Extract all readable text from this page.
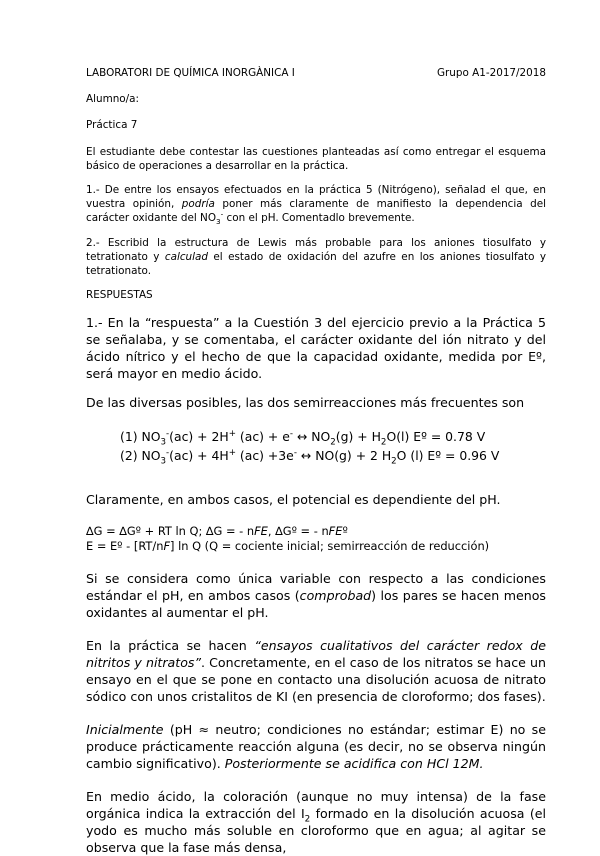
LABORATORI DE QUÍMICA INORGÀNICA I	Grupo A1-2017/2018

Alumno/a:

Práctica 7

El estudiante debe contestar las cuestiones planteadas así como entregar el esquema básico de operaciones a desarrollar en la práctica.

1.- De entre los ensayos efectuados en la práctica 5 (Nitrógeno), señalad el que, en vuestra opinión, podría poner más claramente de manifiesto la dependencia del carácter oxidante del $NO_3^-$ con el pH. Comentadlo brevemente.

2.- Escribid la estructura de Lewis más probable para los aniones tiosulfato y tetrationato y calculad el estado de oxidación del azufre en los aniones tiosulfato y tetrationato.

RESPUESTAS

1.- En la “respuesta” a la Cuestión 3 del ejercicio previo a la Práctica 5 se señalaba, y se comentaba, el carácter oxidante del ión nitrato y del ácido nítrico y el hecho de que la capacidad oxidante, medida por Eº, será mayor en medio ácido.

De las diversas posibles, las dos semirreacciones más frecuentes son

(1) $NO_3^-(ac) + 2H^+$ (ac) + e- ↔ $NO_2(g) + H_2O(l)$ Eº = 0.78 V

(2) $NO_3^-(ac) + 4H^+$ (ac) +3e- ↔ NO(g) + 2 $H_2O$ (l) Eº = 0.96 V

Claramente, en ambos casos, el potencial es dependiente del pH.

∆G = ∆Gº + RT ln Q; ∆G = - nFE, ∆Gº = - nFEº

E = Eº - [RT/nF] ln Q (Q = cociente inicial; semirreacción de reducción)

Si se considera como única variable con respecto a las condiciones estándar el pH, en ambos casos (comprobad) los pares se hacen menos oxidantes al aumentar el pH.

En la práctica se hacen “ensayos cualitativos del carácter redox de nitritos y nitratos”. Concretamente, en el caso de los nitratos se hace un ensayo en el que se pone en contacto una disolución acuosa de nitrato sódico con unos cristalitos de KI (en presencia de cloroformo; dos fases).

Inicialmente (pH ≈ neutro; condiciones no estándar; estimar E) no se produce prácticamente reacción alguna (es decir, no se observa ningún cambio significativo). Posteriormente se acidifica con HCl 12M.

En medio ácido, la coloración (aunque no muy intensa) de la fase orgánica indica la extracción del $I_2$ formado en la disolución acuosa (el yodo es mucho más soluble en cloroformo que en agua; al agitar se observa que la fase más densa,
